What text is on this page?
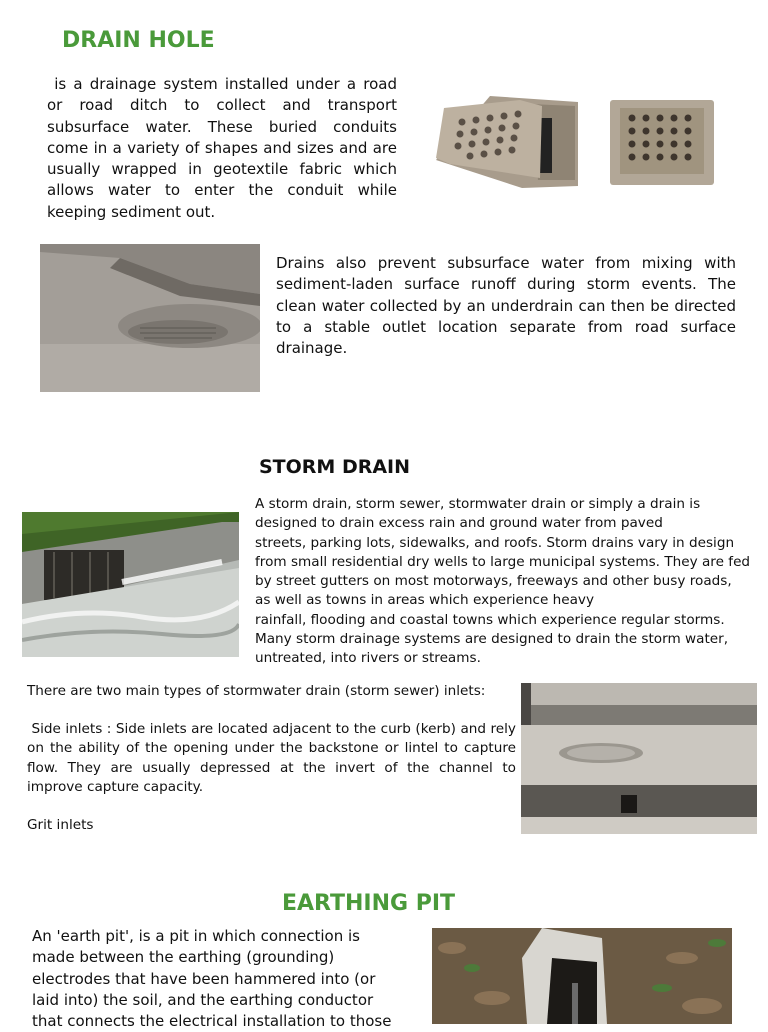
DRAIN HOLE
is a drainage system installed under a road or road ditch to collect and transport subsurface water. These buried conduits come in a variety of shapes and sizes and are usually wrapped in geotextile fabric which allows water to enter the conduit while keeping sediment out.
Drains also prevent subsurface water from mixing with sediment-laden surface runoff during storm events. The clean water collected by an underdrain can then be directed to a stable outlet location separate from road surface drainage.
STORM DRAIN
A storm drain, storm sewer, stormwater drain or simply a drain is
designed to drain excess rain and ground water from paved
streets, parking lots, sidewalks, and roofs. Storm drains vary in design
from small residential dry wells to large municipal systems. They are fed
by street gutters on most motorways, freeways and other busy roads,
as well as towns in areas which experience heavy
rainfall, flooding and coastal towns which experience regular storms.
Many storm drainage systems are designed to drain the storm water,
untreated, into rivers or streams.
There are two main types of stormwater drain (storm sewer) inlets:
Side inlets : Side inlets are located adjacent to the curb (kerb) and rely on the ability of the opening under the backstone or lintel to capture flow. They are usually depressed at the invert of the channel to improve capture capacity.
Grit inlets
EARTHING PIT
An 'earth pit', is a pit in which connection is made between the earthing (grounding) electrodes that have been hammered into (or laid into) the soil, and the earthing conductor that connects the electrical installation to those
